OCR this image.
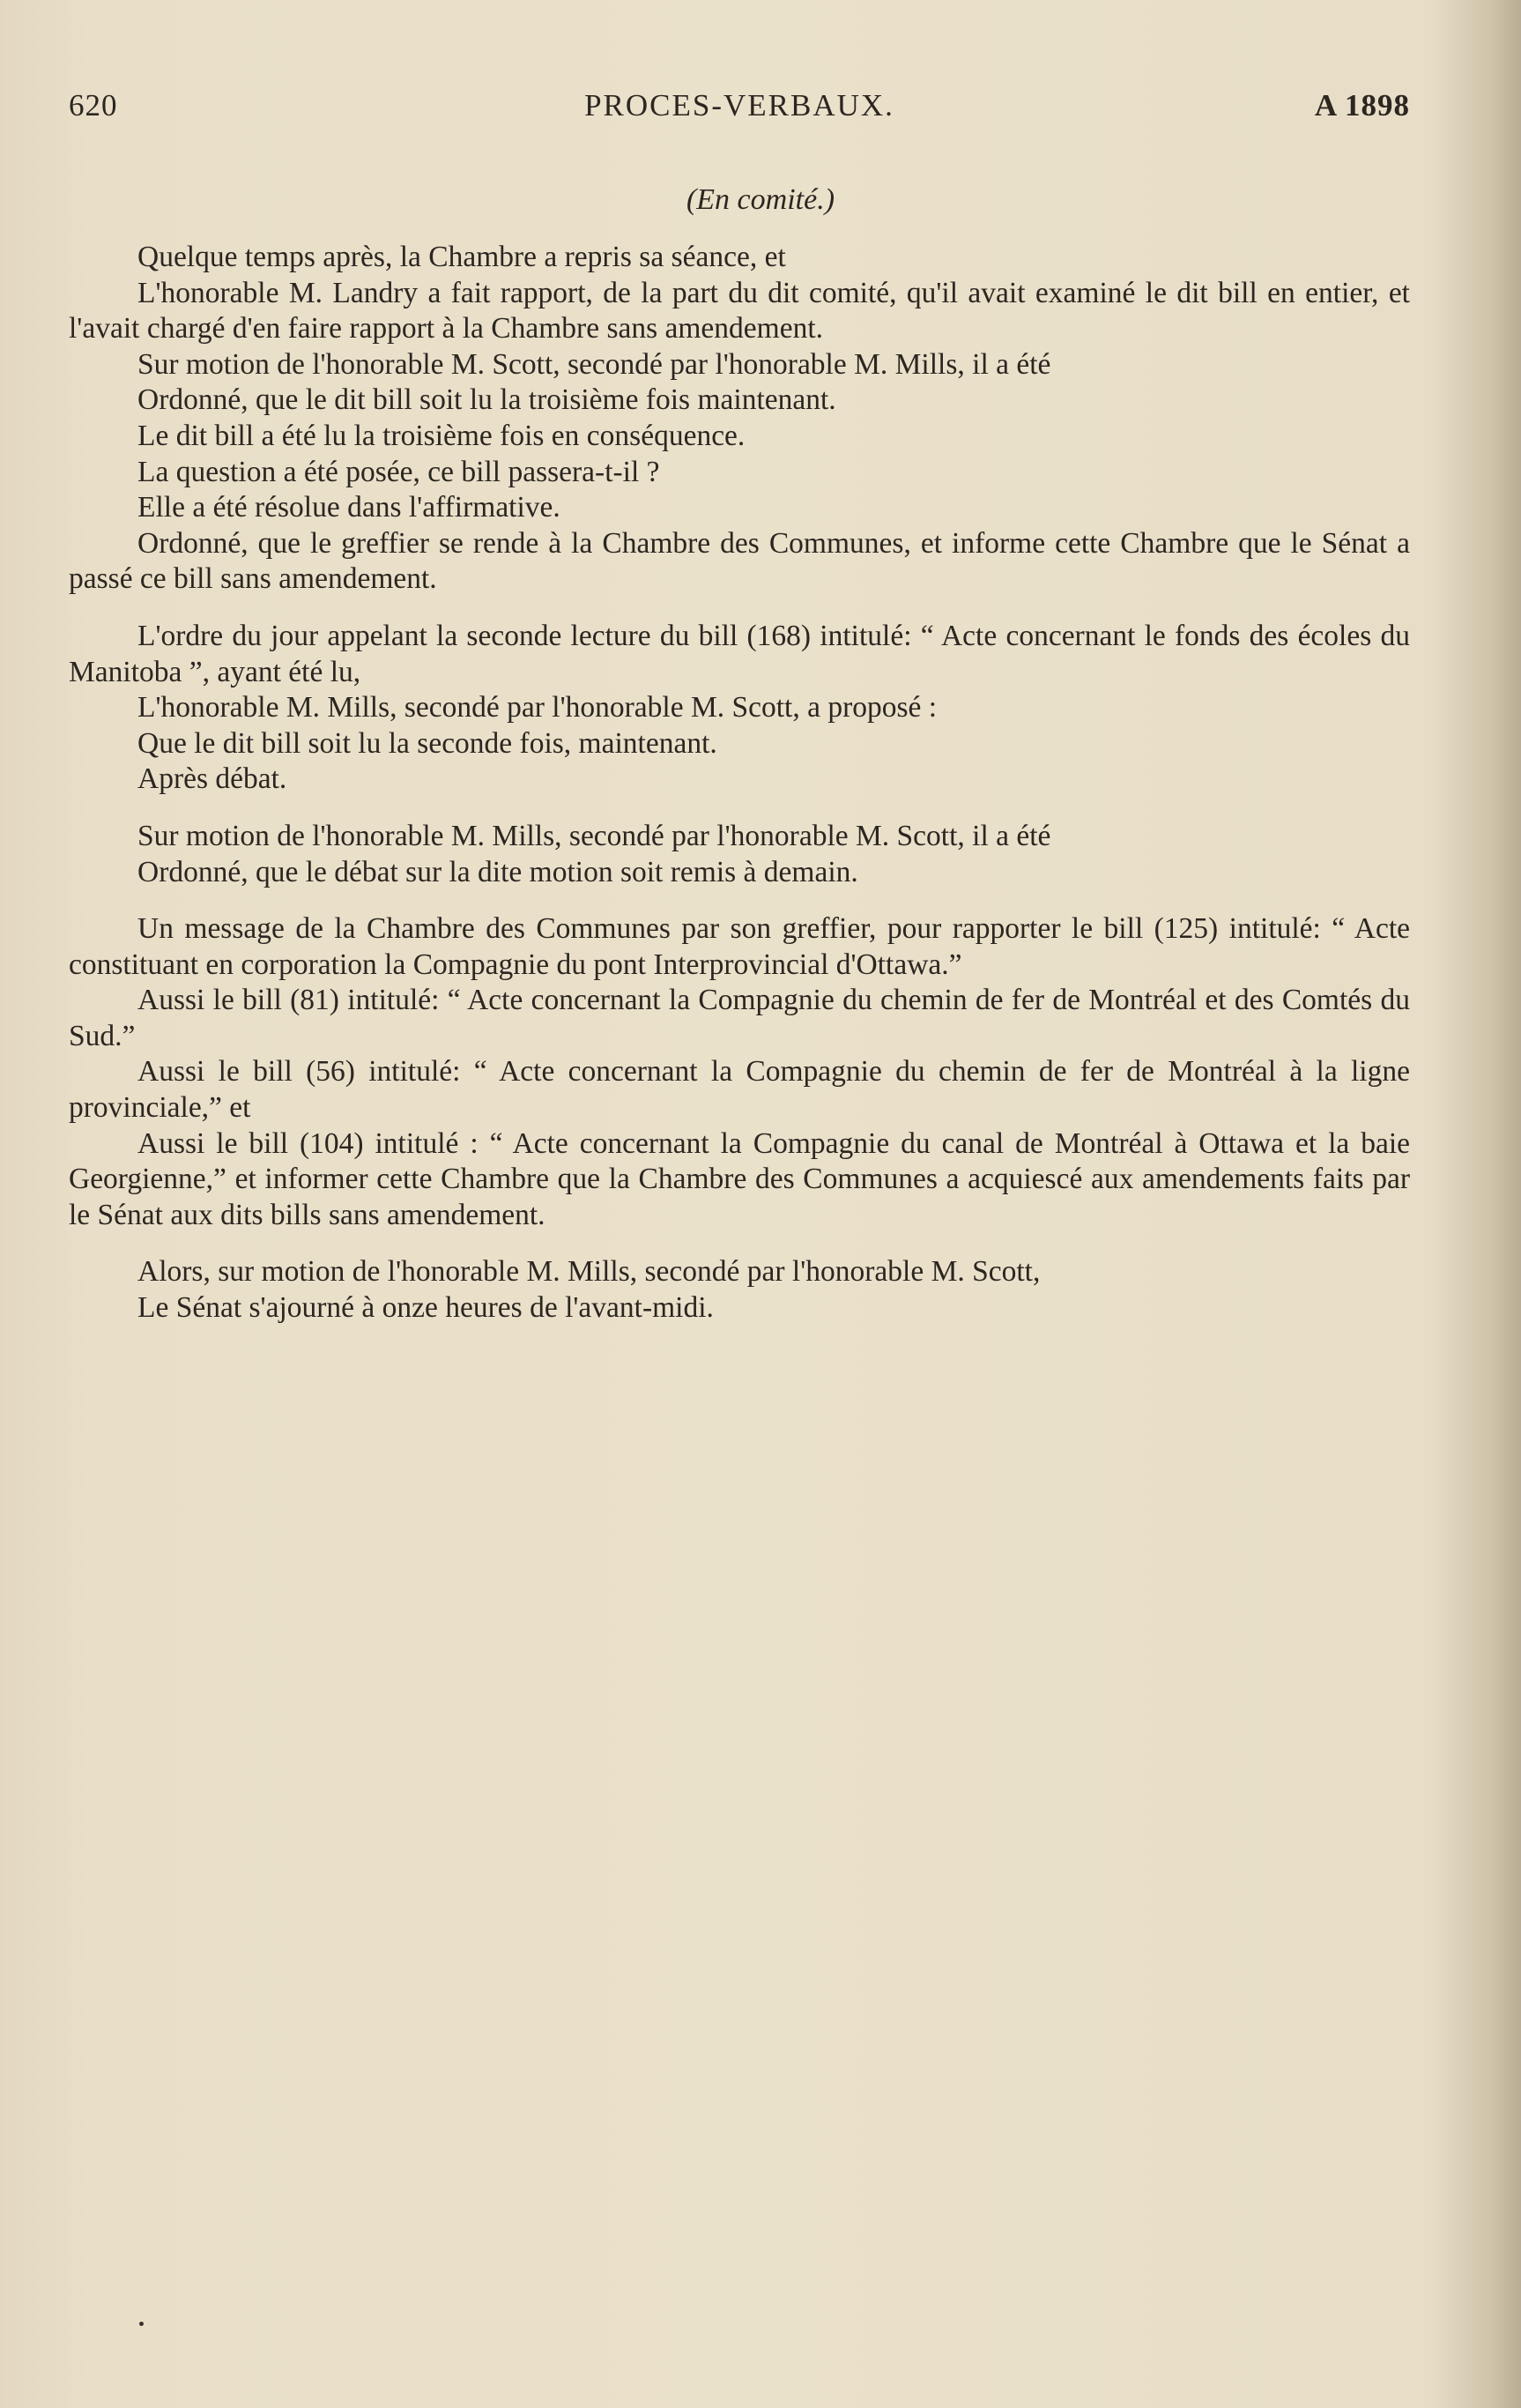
620	PROCES-VERBAUX.	A 1898
(En comité.)

Quelque temps après, la Chambre a repris sa séance, et

L'honorable M. Landry a fait rapport, de la part du dit comité, qu'il avait examiné le dit bill en entier, et l'avait chargé d'en faire rapport à la Chambre sans amendement.

Sur motion de l'honorable M. Scott, secondé par l'honorable M. Mills, il a été

Ordonné, que le dit bill soit lu la troisième fois maintenant.

Le dit bill a été lu la troisième fois en conséquence.

La question a été posée, ce bill passera-t-il ?

Elle a été résolue dans l'affirmative.

Ordonné, que le greffier se rende à la Chambre des Communes, et informe cette Chambre que le Sénat a passé ce bill sans amendement.

L'ordre du jour appelant la seconde lecture du bill (168) intitulé: “ Acte concernant le fonds des écoles du Manitoba ”, ayant été lu,

L'honorable M. Mills, secondé par l'honorable M. Scott, a proposé :

Que le dit bill soit lu la seconde fois, maintenant.

Après débat.

Sur motion de l'honorable M. Mills, secondé par l'honorable M. Scott, il a été

Ordonné, que le débat sur la dite motion soit remis à demain.

Un message de la Chambre des Communes par son greffier, pour rapporter le bill (125) intitulé: “ Acte constituant en corporation la Compagnie du pont Interprovincial d'Ottawa.”

Aussi le bill (81) intitulé: “ Acte concernant la Compagnie du chemin de fer de Montréal et des Comtés du Sud.”

Aussi le bill (56) intitulé: “ Acte concernant la Compagnie du chemin de fer de Montréal à la ligne provinciale,” et

Aussi le bill (104) intitulé : “ Acte concernant la Compagnie du canal de Montréal à Ottawa et la baie Georgienne,” et informer cette Chambre que la Chambre des Communes a acquiescé aux amendements faits par le Sénat aux dits bills sans amendement.

Alors, sur motion de l'honorable M. Mills, secondé par l'honorable M. Scott,

Le Sénat s'ajourné à onze heures de l'avant-midi.
